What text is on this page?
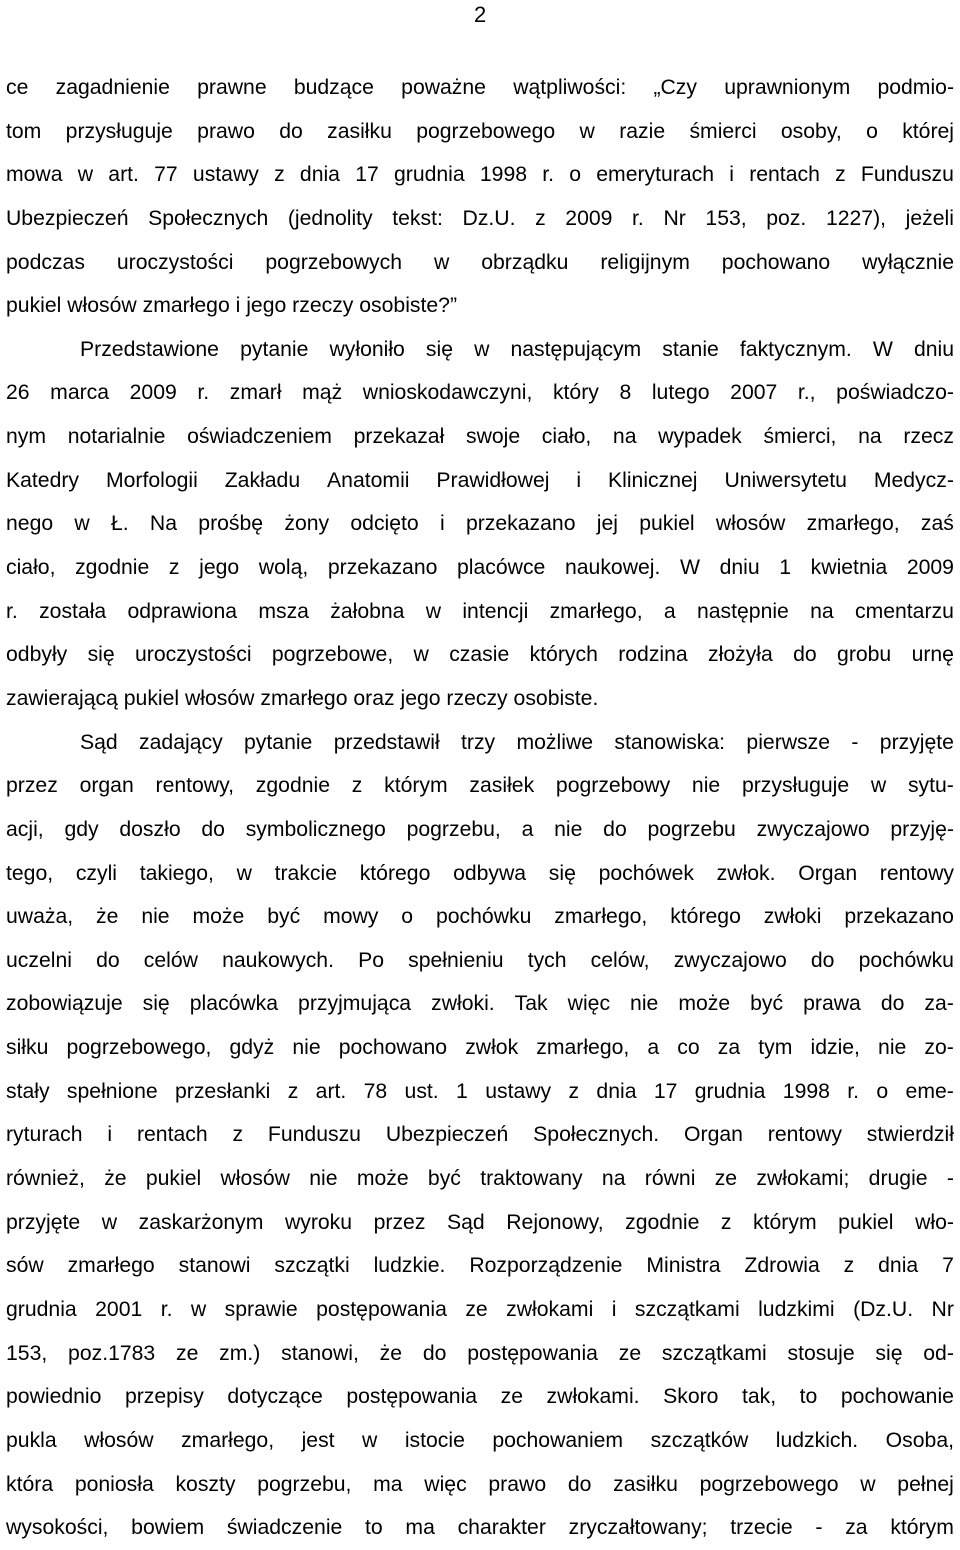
2
ce zagadnienie prawne budzące poważne wątpliwości: „Czy uprawnionym podmio-
tom przysługuje prawo do zasiłku pogrzebowego w razie śmierci osoby, o której
mowa w art. 77 ustawy z dnia 17 grudnia 1998 r. o emeryturach i rentach z Funduszu
Ubezpieczeń Społecznych (jednolity tekst: Dz.U. z 2009 r. Nr 153, poz. 1227), jeżeli
podczas uroczystości pogrzebowych w obrządku religijnym pochowano wyłącznie
pukiel włosów zmarłego i jego rzeczy osobiste?”
Przedstawione pytanie wyłoniło się w następującym stanie faktycznym. W dniu
26 marca 2009 r. zmarł mąż wnioskodawczyni, który 8 lutego 2007 r., poświadczo-
nym notarialnie oświadczeniem przekazał swoje ciało, na wypadek śmierci, na rzecz
Katedry Morfologii Zakładu Anatomii Prawidłowej i Klinicznej Uniwersytetu Medycz-
nego w Ł. Na prośbę żony odcięto i przekazano jej pukiel włosów zmarłego, zaś
ciało, zgodnie z jego wolą, przekazano placówce naukowej. W dniu 1 kwietnia 2009
r. została odprawiona msza żałobna w intencji zmarłego, a następnie na cmentarzu
odbyły się uroczystości pogrzebowe, w czasie których rodzina złożyła do grobu urnę
zawierającą pukiel włosów zmarłego oraz jego rzeczy osobiste.
Sąd zadający pytanie przedstawił trzy możliwe stanowiska: pierwsze - przyjęte
przez organ rentowy, zgodnie z którym zasiłek pogrzebowy nie przysługuje w sytu-
acji, gdy doszło do symbolicznego pogrzebu, a nie do pogrzebu zwyczajowo przyję-
tego, czyli takiego, w trakcie którego odbywa się pochówek zwłok. Organ rentowy
uważa, że nie może być mowy o pochówku zmarłego, którego zwłoki przekazano
uczelni do celów naukowych. Po spełnieniu tych celów, zwyczajowo do pochówku
zobowiązuje się placówka przyjmująca zwłoki. Tak więc nie może być prawa do za-
siłku pogrzebowego, gdyż nie pochowano zwłok zmarłego, a co za tym idzie, nie zo-
stały spełnione przesłanki z art. 78 ust. 1 ustawy z dnia 17 grudnia 1998 r. o eme-
ryturach i rentach z Funduszu Ubezpieczeń Społecznych. Organ rentowy stwierdził
również, że pukiel włosów nie może być traktowany na równi ze zwłokami; drugie -
przyjęte w zaskarżonym wyroku przez Sąd Rejonowy, zgodnie z którym pukiel wło-
sów zmarłego stanowi szczątki ludzkie. Rozporządzenie Ministra Zdrowia z dnia 7
grudnia 2001 r. w sprawie postępowania ze zwłokami i szczątkami ludzkimi (Dz.U. Nr
153, poz.1783 ze zm.) stanowi, że do postępowania ze szczątkami stosuje się od-
powiednio przepisy dotyczące postępowania ze zwłokami. Skoro tak, to pochowanie
pukla włosów zmarłego, jest w istocie pochowaniem szczątków ludzkich. Osoba,
która poniosła koszty pogrzebu, ma więc prawo do zasiłku pogrzebowego w pełnej
wysokości, bowiem świadczenie to ma charakter zryczałtowany; trzecie - za którym
